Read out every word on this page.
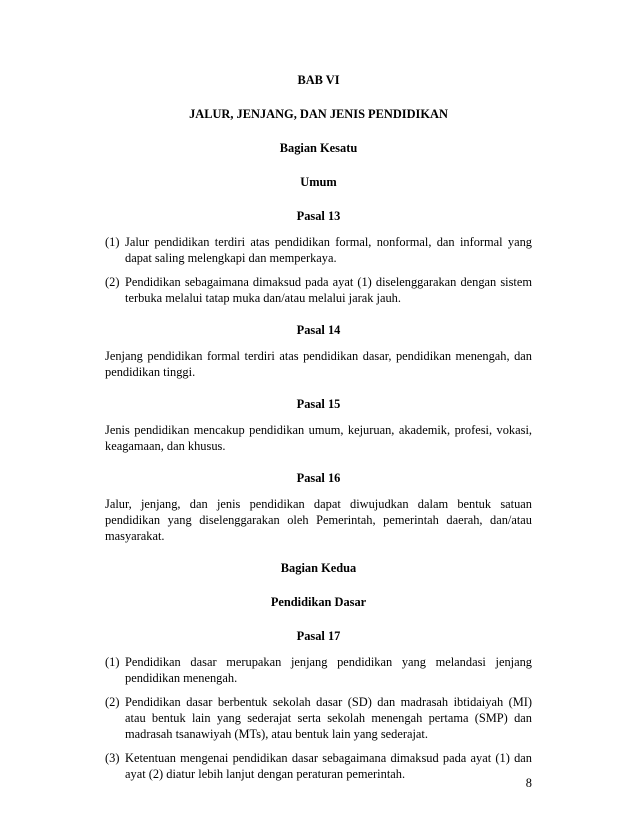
BAB VI

JALUR, JENJANG, DAN JENIS PENDIDIKAN

Bagian Kesatu

Umum

Pasal 13

(1) Jalur pendidikan terdiri atas pendidikan formal, nonformal, dan informal yang dapat saling melengkapi dan memperkaya.
(2) Pendidikan sebagaimana dimaksud pada ayat (1) diselenggarakan dengan sistem terbuka melalui tatap muka dan/atau melalui jarak jauh.

Pasal 14

Jenjang pendidikan formal terdiri atas pendidikan dasar, pendidikan menengah, dan pendidikan tinggi.

Pasal 15

Jenis pendidikan mencakup pendidikan umum, kejuruan, akademik, profesi, vokasi, keagamaan, dan khusus.

Pasal 16

Jalur, jenjang, dan jenis pendidikan dapat diwujudkan dalam bentuk satuan pendidikan yang diselenggarakan oleh Pemerintah, pemerintah daerah, dan/atau masyarakat.

Bagian Kedua

Pendidikan Dasar

Pasal 17

(1) Pendidikan dasar merupakan jenjang pendidikan yang melandasi jenjang pendidikan menengah.
(2) Pendidikan dasar berbentuk sekolah dasar (SD) dan madrasah ibtidaiyah (MI) atau bentuk lain yang sederajat serta sekolah menengah pertama (SMP) dan madrasah tsanawiyah (MTs), atau bentuk lain yang sederajat.
(3) Ketentuan mengenai pendidikan dasar sebagaimana dimaksud pada ayat (1) dan ayat (2) diatur lebih lanjut dengan peraturan pemerintah.
8
